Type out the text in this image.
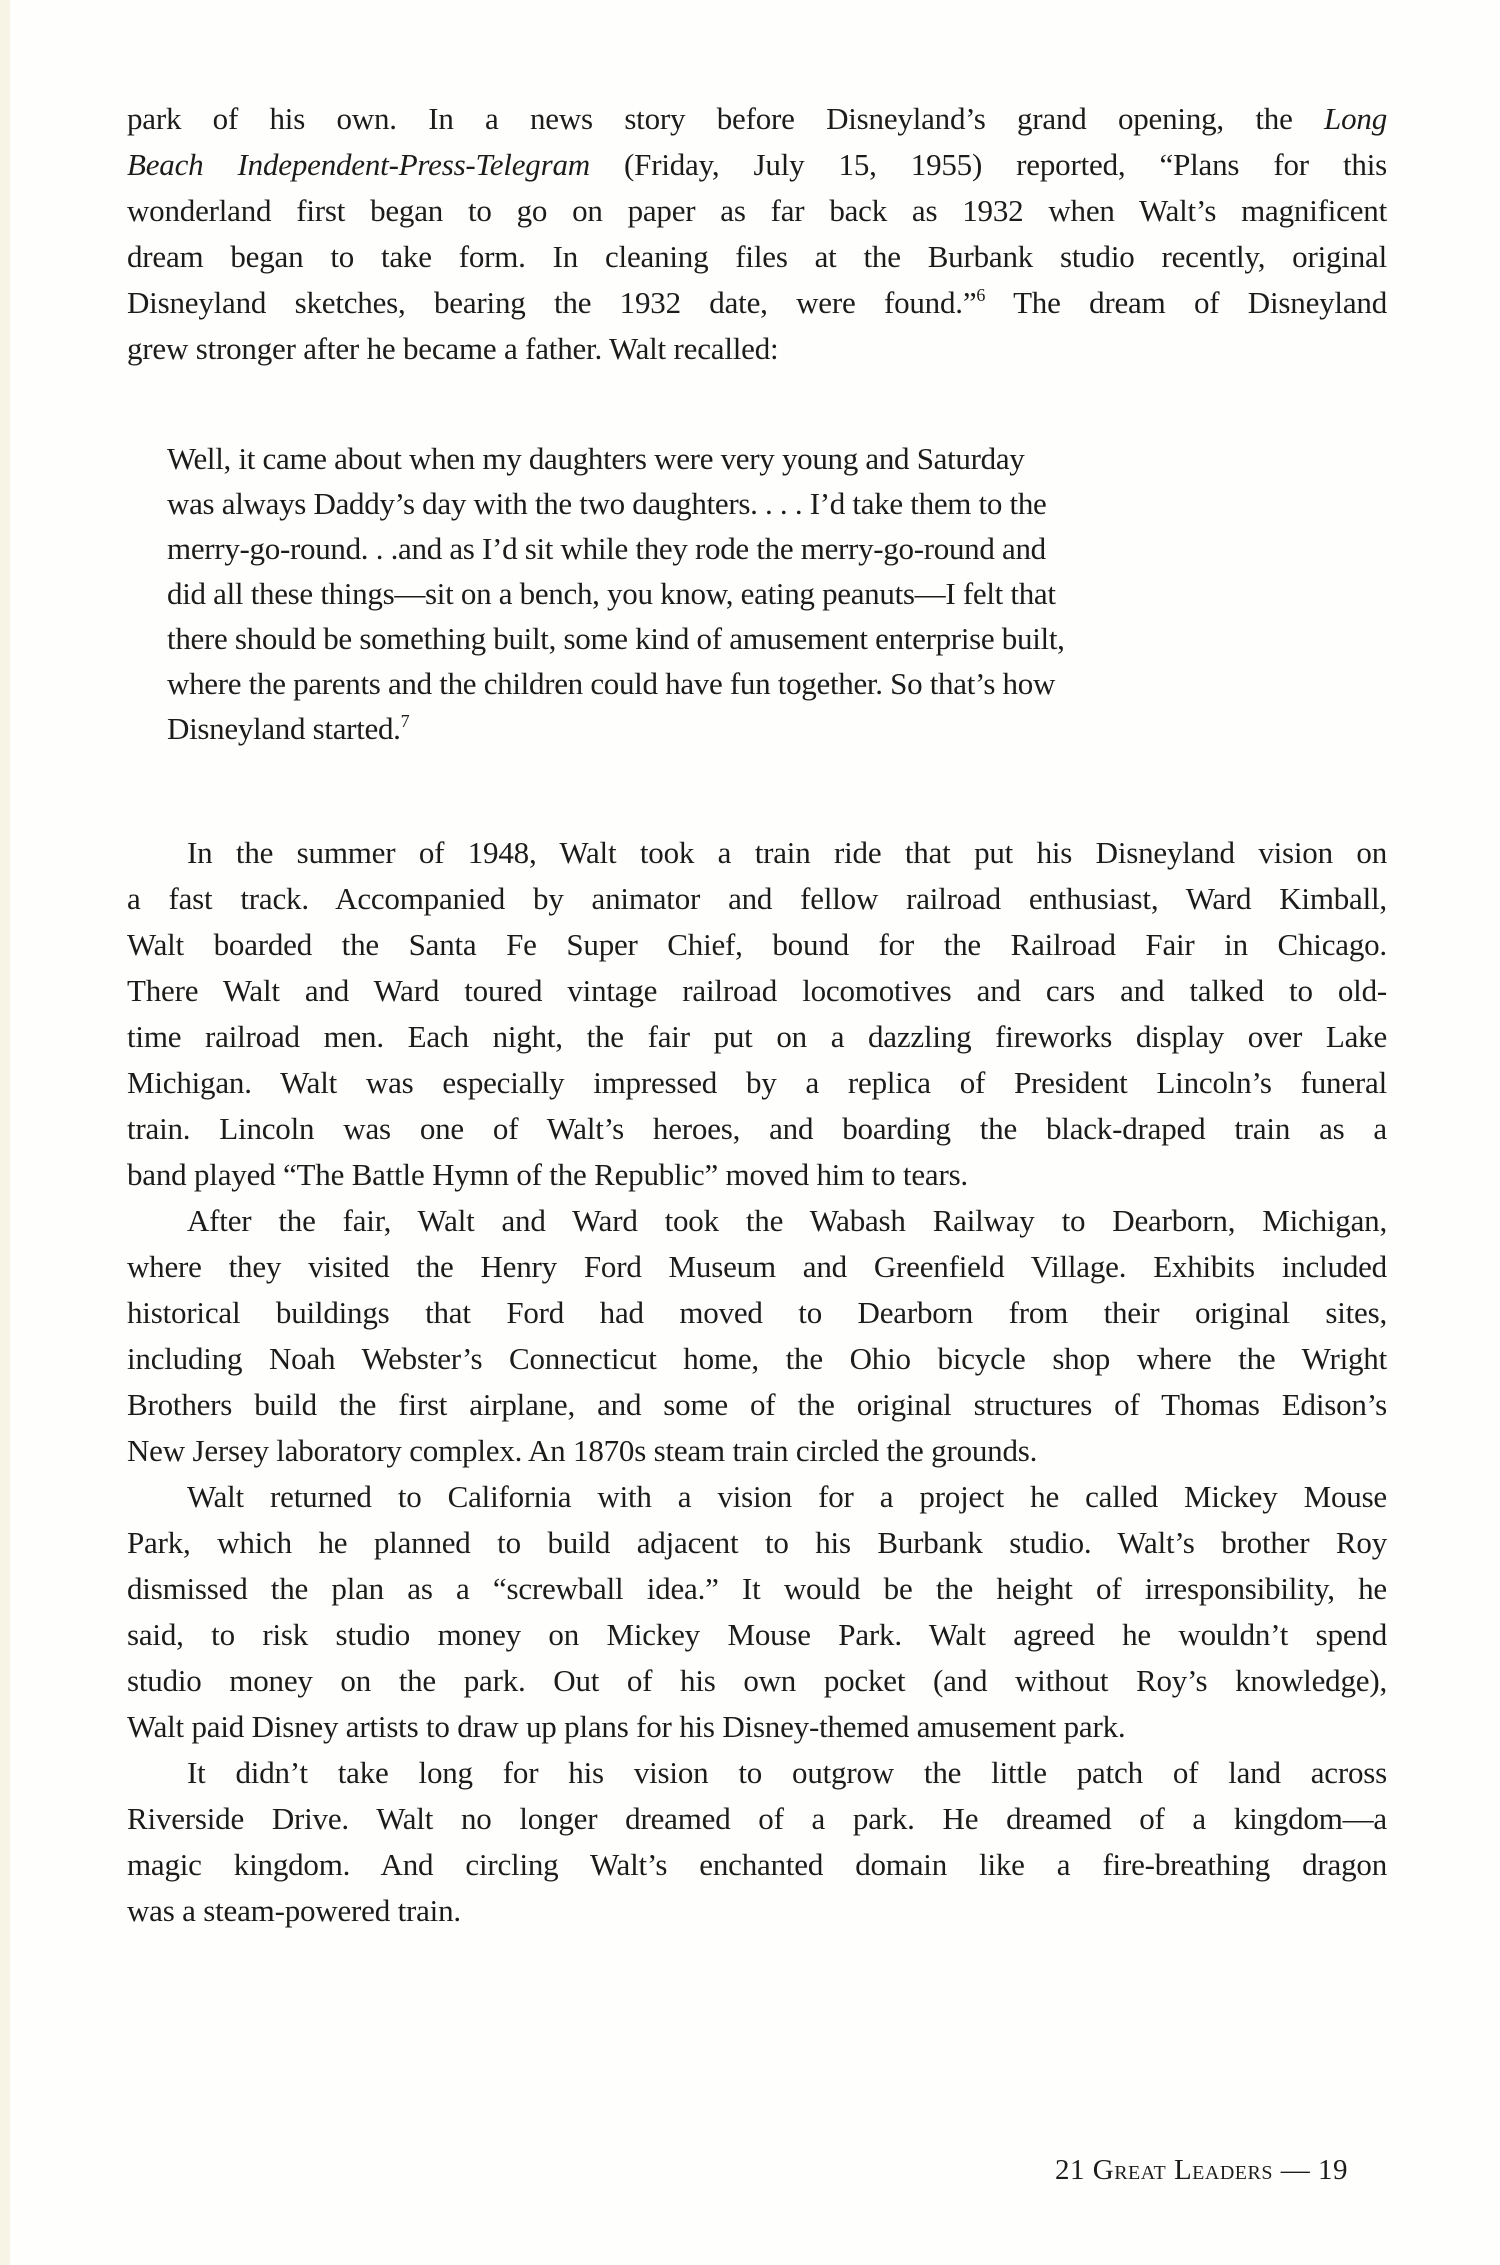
park of his own. In a news story before Disneyland’s grand opening, the Long
Beach Independent-Press-Telegram (Friday, July 15, 1955) reported, “Plans for this
wonderland first began to go on paper as far back as 1932 when Walt’s magnificent
dream began to take form. In cleaning files at the Burbank studio recently, original
Disneyland sketches, bearing the 1932 date, were found.”$^6$ The dream of Disneyland
grew stronger after he became a father. Walt recalled:
Well, it came about when my daughters were very young and Saturday
was always Daddy’s day with the two daughters. . . . I’d take them to the
merry-go-round. . .and as I’d sit while they rode the merry-go-round and
did all these things—sit on a bench, you know, eating peanuts—I felt that
there should be something built, some kind of amusement enterprise built,
where the parents and the children could have fun together. So that’s how
Disneyland started.$^7$
In the summer of 1948, Walt took a train ride that put his Disneyland vision on
a fast track. Accompanied by animator and fellow railroad enthusiast, Ward Kimball,
Walt boarded the Santa Fe Super Chief, bound for the Railroad Fair in Chicago.
There Walt and Ward toured vintage railroad locomotives and cars and talked to old-
time railroad men. Each night, the fair put on a dazzling fireworks display over Lake
Michigan. Walt was especially impressed by a replica of President Lincoln’s funeral
train. Lincoln was one of Walt’s heroes, and boarding the black-draped train as a
band played “The Battle Hymn of the Republic” moved him to tears.
After the fair, Walt and Ward took the Wabash Railway to Dearborn, Michigan,
where they visited the Henry Ford Museum and Greenfield Village. Exhibits included
historical buildings that Ford had moved to Dearborn from their original sites,
including Noah Webster’s Connecticut home, the Ohio bicycle shop where the Wright
Brothers build the first airplane, and some of the original structures of Thomas Edison’s
New Jersey laboratory complex. An 1870s steam train circled the grounds.
Walt returned to California with a vision for a project he called Mickey Mouse
Park, which he planned to build adjacent to his Burbank studio. Walt’s brother Roy
dismissed the plan as a “screwball idea.” It would be the height of irresponsibility, he
said, to risk studio money on Mickey Mouse Park. Walt agreed he wouldn’t spend
studio money on the park. Out of his own pocket (and without Roy’s knowledge),
Walt paid Disney artists to draw up plans for his Disney-themed amusement park.
It didn’t take long for his vision to outgrow the little patch of land across
Riverside Drive. Walt no longer dreamed of a park. He dreamed of a kingdom—a
magic kingdom. And circling Walt’s enchanted domain like a fire-breathing dragon
was a steam-powered train.
21 Great Leaders — 19
